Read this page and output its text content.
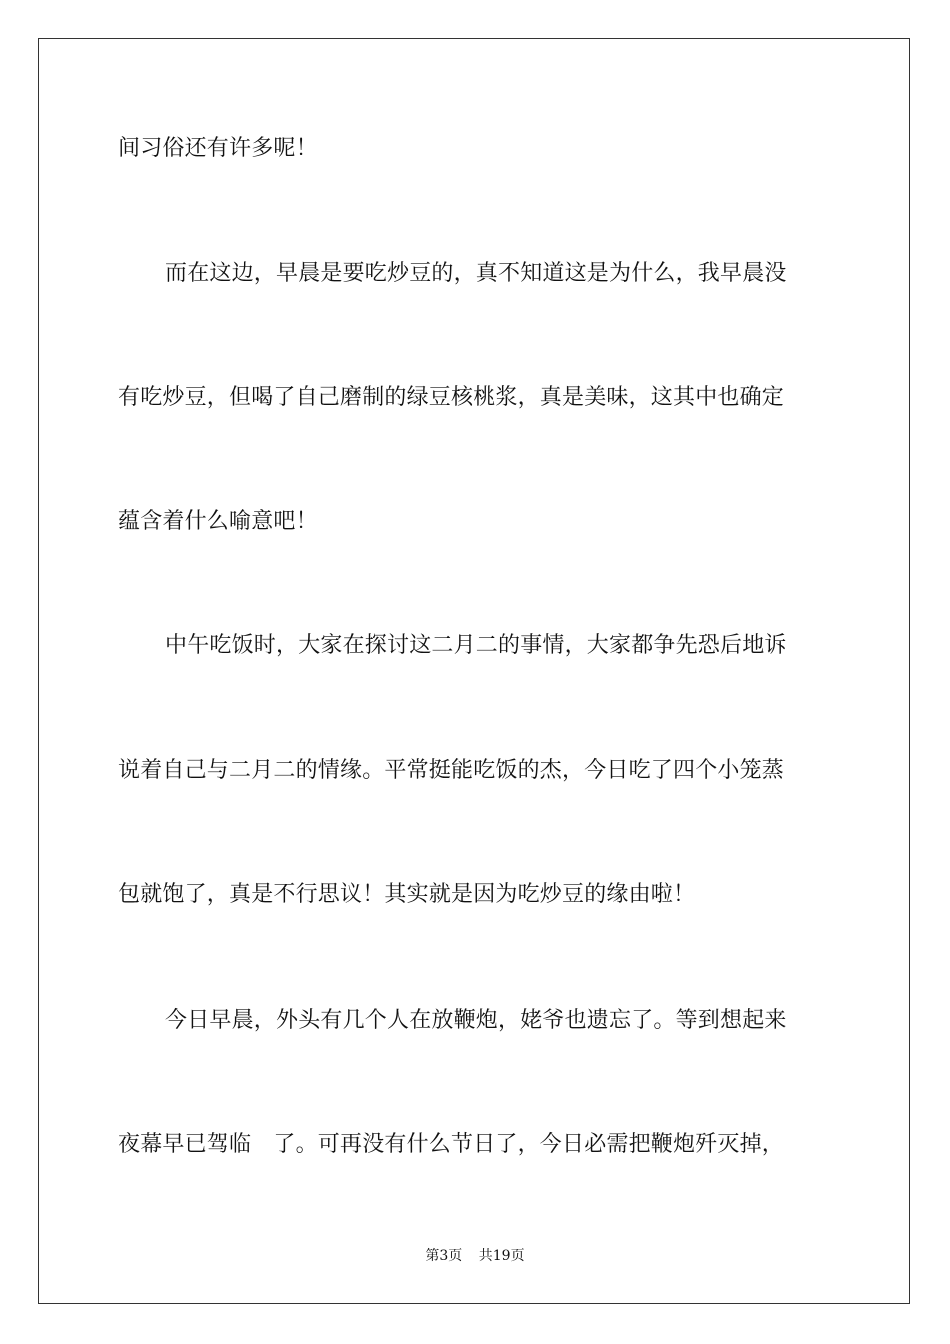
间习俗还有许多呢！
而在这边，早晨是要吃炒豆的，真不知道这是为什么，我早晨没
有吃炒豆，但喝了自己磨制的绿豆核桃浆，真是美味，这其中也确定
蕴含着什么喻意吧！
中午吃饭时，大家在探讨这二月二的事情，大家都争先恐后地诉
说着自己与二月二的情缘。平常挺能吃饭的杰，今日吃了四个小笼蒸
包就饱了，真是不行思议！其实就是因为吃炒豆的缘由啦！
今日早晨，外头有几个人在放鞭炮，姥爷也遗忘了。等到想起来
夜幕早已驾临　了。可再没有什么节日了，今日必需把鞭炮歼灭掉，
第3页 共19页
